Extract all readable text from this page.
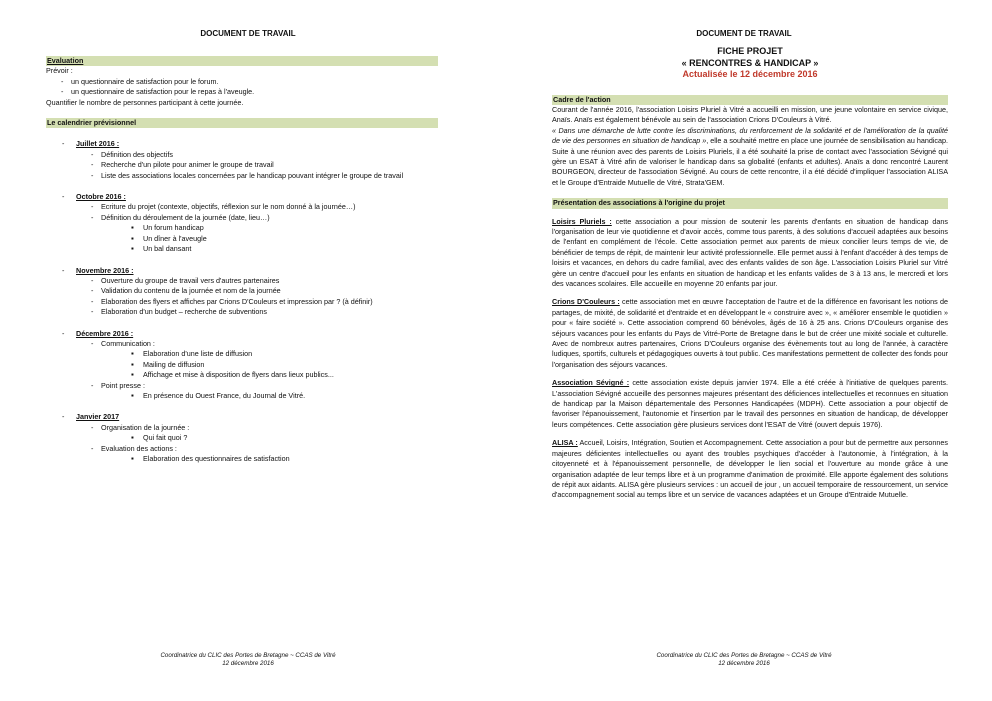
DOCUMENT DE TRAVAIL

Evaluation

Prévoir :

- un questionnaire de satisfaction pour le forum.
- un questionnaire de satisfaction pour le repas à l'aveugle.

Quantifier le nombre de personnes participant à cette journée.

Le calendrier prévisionnel

- Juillet 2016 :
- Définition des objectifs
- Recherche d'un pilote pour animer le groupe de travail
- Liste des associations locales concernées par le handicap pouvant intégrer le groupe de travail
- Octobre 2016 :
- Ecriture du projet (contexte, objectifs, réflexion sur le nom donné à la journée…)
- Définition du déroulement de la journée (date, lieu…)
▪ Un forum handicap
▪ Un dîner à l'aveugle
▪ Un bal dansant
- Novembre 2016 :
- Ouverture du groupe de travail vers d'autres partenaires
- Validation du contenu de la journée et nom de la journée
- Elaboration des flyers et affiches par Crions D'Couleurs et impression par ? (à définir)
- Elaboration d'un budget – recherche de subventions
- Décembre 2016 :
- Communication :
▪ Elaboration d'une liste de diffusion
▪ Mailing de diffusion
▪ Affichage et mise à disposition de flyers dans lieux publics...
- Point presse :
▪ En présence du Ouest France, du Journal de Vitré.
- Janvier 2017
- Organisation de la journée :
▪ Qui fait quoi ?
- Evaluation des actions :
▪ Elaboration des questionnaires de satisfaction
Coordinatrice du CLIC des Portes de Bretagne ~ CCAS de Vitré
12 décembre 2016
DOCUMENT DE TRAVAIL
FICHE PROJET
« RENCONTRES & HANDICAP »
Actualisée le 12 décembre 2016

Cadre de l'action

Courant de l'année 2016, l'association Loisirs Pluriel à Vitré a accueilli en mission, une jeune volontaire en service civique, Anaïs. Anaïs est également bénévole au sein de l'association Crions D'Couleurs à Vitré.

« Dans une démarche de lutte contre les discriminations, du renforcement de la solidarité et de l'amélioration de la qualité de vie des personnes en situation de handicap », elle a souhaité mettre en place une journée de sensibilisation au handicap.

Suite à une réunion avec des parents de Loisirs Pluriels, il a été souhaité la prise de contact avec l'association Sévigné qui gère un ESAT à Vitré afin de valoriser le handicap dans sa globalité (enfants et adultes). Anaïs a donc rencontré Laurent BOURGEON, directeur de l'association Sévigné. Au cours de cette rencontre, il a été décidé d'impliquer l'association ALISA et le Groupe d'Entraide Mutuelle de Vitré, Strata'GEM.

Présentation des associations à l'origine du projet

Loisirs Pluriels : cette association a pour mission de soutenir les parents d'enfants en situation de handicap dans l'organisation de leur vie quotidienne et d'avoir accès, comme tous parents, à des solutions d'accueil adaptées aux besoins de l'enfant en complément de l'école. Cette association permet aux parents de mieux concilier leurs temps de vie, de bénéficier de temps de répit, de maintenir leur activité professionnelle. Elle permet aussi à l'enfant d'accéder à des temps de loisirs et vacances, en dehors du cadre familial, avec des enfants valides de son âge. L'association Loisirs Pluriel sur Vitré gère un centre d'accueil pour les enfants en situation de handicap et les enfants valides de 3 à 13 ans, le mercredi et lors des vacances scolaires. Elle accueille en moyenne 20 enfants par jour.

Crions D'Couleurs : cette association met en œuvre l'acceptation de l'autre et de la différence en favorisant les notions de partages, de mixité, de solidarité et d'entraide et en développant le « construire avec », « améliorer ensemble le quotidien » pour « faire société ». Cette association comprend 60 bénévoles, âgés de 16 à 25 ans. Crions D'Couleurs organise des séjours vacances pour les enfants du Pays de Vitré-Porte de Bretagne dans le but de créer une mixité sociale et culturelle. Avec de nombreux autres partenaires, Crions D'Couleurs organise des évènements tout au long de l'année, à caractère ludiques, sportifs, culturels et pédagogiques ouverts à tout public. Ces manifestations permettent de collecter des fonds pour l'organisation des séjours vacances.

Association Sévigné : cette association existe depuis janvier 1974. Elle a été créée à l'initiative de quelques parents. L'association Sévigné accueille des personnes majeures présentant des déficiences intellectuelles et reconnues en situation de handicap par la Maison départementale des Personnes Handicapées (MDPH). Cette association a pour objectif de favoriser l'épanouissement, l'autonomie et l'insertion par le travail des personnes en situation de handicap, de développer leurs compétences. Cette association gère plusieurs services dont l'ESAT de Vitré (ouvert depuis 1976).

ALISA : Accueil, Loisirs, Intégration, Soutien et Accompagnement. Cette association a pour but de permettre aux personnes majeures déficientes intellectuelles ou ayant des troubles psychiques d'accéder à l'autonomie, à l'intégration, à la citoyenneté et à l'épanouissement personnelle, de développer le lien social et l'ouverture au monde grâce à une organisation adaptée de leur temps libre et à un programme d'animation de proximité. Elle apporte également des solutions de répit aux aidants. ALISA gère plusieurs services : un accueil de jour , un accueil temporaire de ressourcement, un service d'accompagnement social au temps libre et un service de vacances adaptées et un Groupe d'Entraide Mutuelle.

Coordinatrice du CLIC des Portes de Bretagne ~ CCAS de Vitré
12 décembre 2016
